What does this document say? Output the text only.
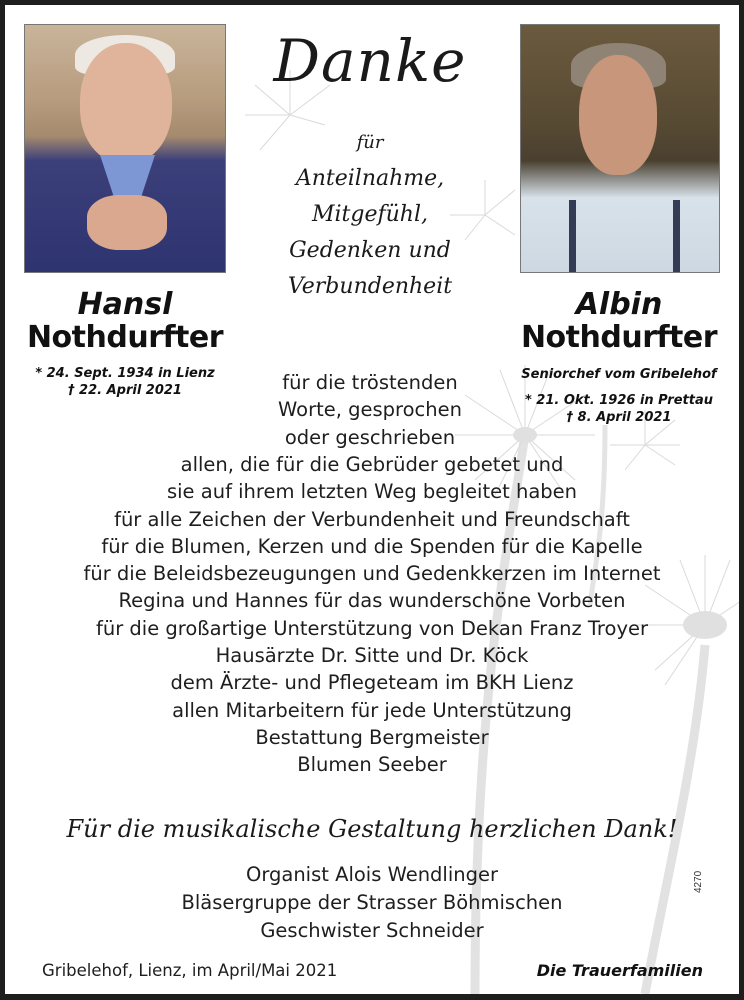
Hansl
Nothdurfter
* 24. Sept. 1934 in Lienz
† 22. April 2021
Albin
Nothdurfter
Seniorchef vom Gribelehof
* 21. Okt. 1926 in Prettau
† 8. April 2021
Danke
für
Anteilnahme,
Mitgefühl,
Gedenken und
Verbundenheit
für die tröstenden
Worte, gesprochen
oder geschrieben
allen, die für die Gebrüder gebetet und
sie auf ihrem letzten Weg begleitet haben
für alle Zeichen der Verbundenheit und Freundschaft
für die Blumen, Kerzen und die Spenden für die Kapelle
für die Beleidsbezeugungen und Gedenkkerzen im Internet
Regina und Hannes für das wunderschöne Vorbeten
für die großartige Unterstützung von Dekan Franz Troyer
Hausärzte Dr. Sitte und Dr. Köck
dem Ärzte- und Pflegeteam im BKH Lienz
allen Mitarbeitern für jede Unterstützung
Bestattung Bergmeister
Blumen Seeber
Für die musikalische Gestaltung herzlichen Dank!
Organist Alois Wendlinger
Bläsergruppe der Strasser Böhmischen
Geschwister Schneider
Gribelehof, Lienz, im April/Mai 2021	Die Trauerfamilien
4270
